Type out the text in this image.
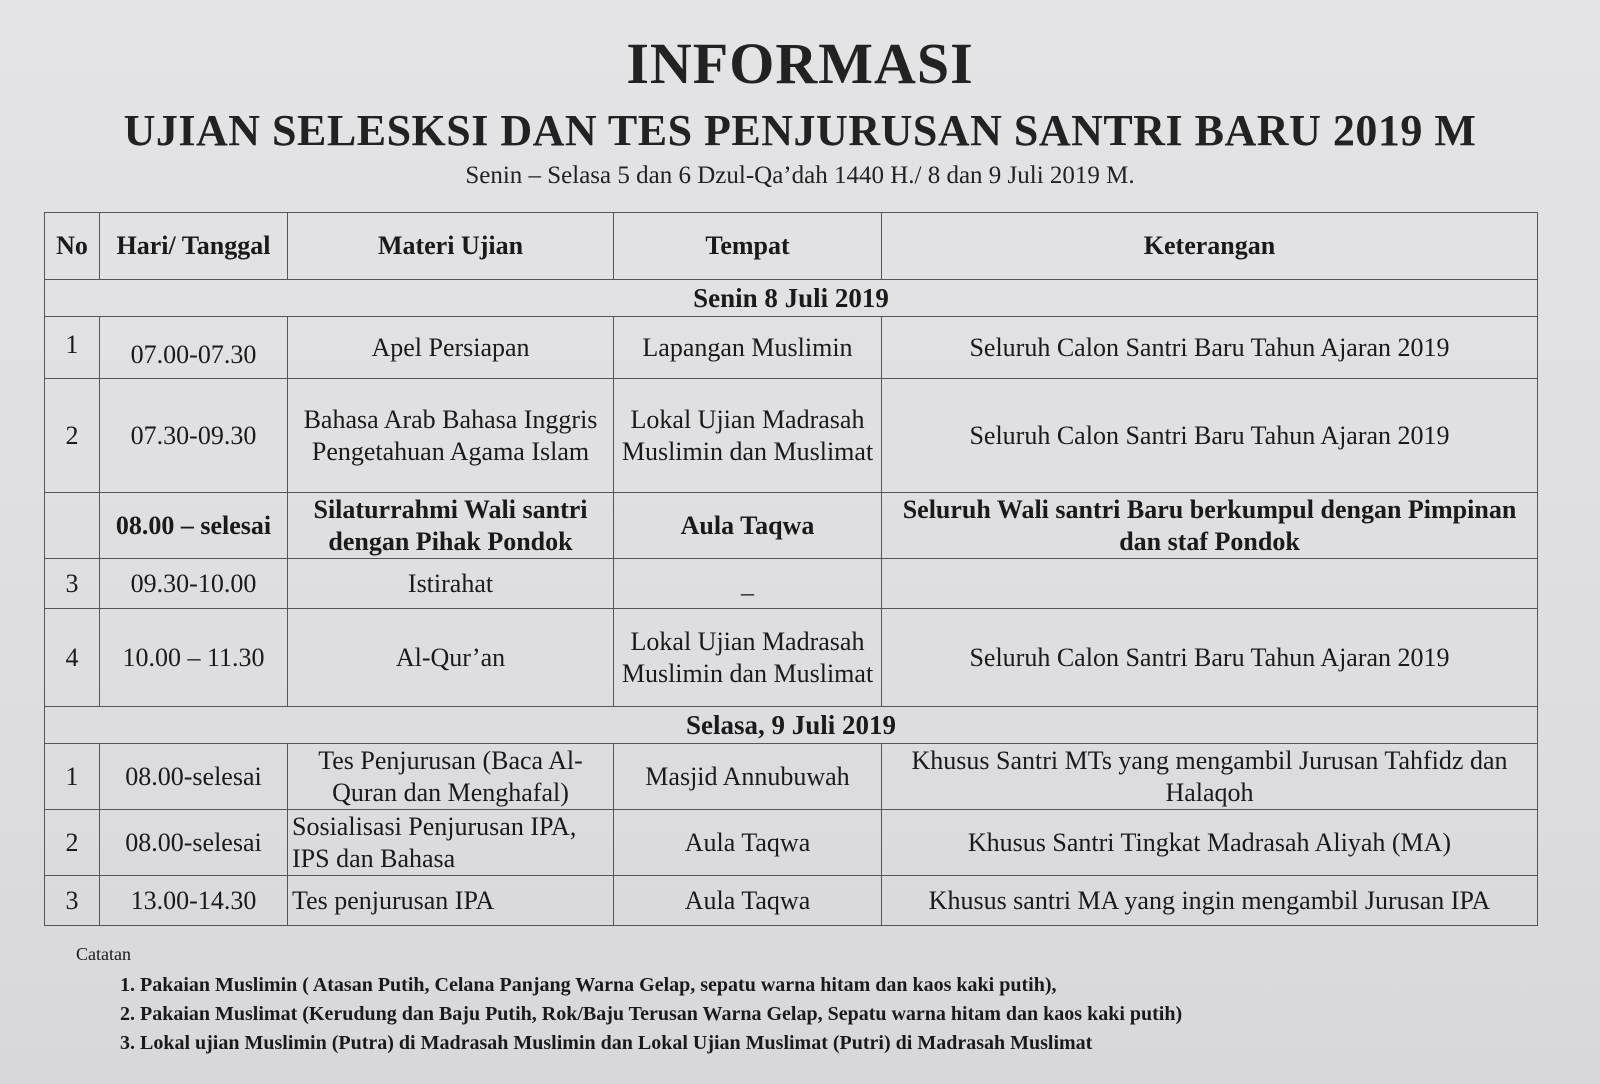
INFORMASI
UJIAN SELESKSI DAN TES PENJURUSAN SANTRI BARU 2019 M
Senin – Selasa 5 dan 6 Dzul-Qa’dah 1440 H./ 8 dan 9 Juli 2019 M.
No	Hari/ Tanggal	Materi Ujian	Tempat	Keterangan
Senin 8 Juli 2019				
1	07.00-07.30	Apel Persiapan	Lapangan Muslimin	Seluruh Calon Santri Baru Tahun Ajaran 2019
2	07.30-09.30	Bahasa Arab Bahasa Inggris Pengetahuan Agama Islam	Lokal Ujian Madrasah Muslimin dan Muslimat	Seluruh Calon Santri Baru Tahun Ajaran 2019
	08.00 – selesai	Silaturrahmi Wali santri dengan Pihak Pondok	Aula Taqwa	Seluruh Wali santri Baru berkumpul dengan Pimpinan dan staf Pondok
3	09.30-10.00	Istirahat	_	
4	10.00 – 11.30	Al-Qur’an	Lokal Ujian Madrasah Muslimin dan Muslimat	Seluruh Calon Santri Baru Tahun Ajaran 2019
Selasa, 9 Juli 2019				
1	08.00-selesai	Tes Penjurusan (Baca Al-Quran dan Menghafal)	Masjid Annubuwah	Khusus Santri MTs yang mengambil Jurusan Tahfidz dan Halaqoh
2	08.00-selesai	Sosialisasi Penjurusan IPA, IPS dan Bahasa	Aula Taqwa	Khusus Santri Tingkat Madrasah Aliyah (MA)
3	13.00-14.30	Tes penjurusan IPA	Aula Taqwa	Khusus santri MA yang ingin mengambil Jurusan IPA
Catatan
1. Pakaian Muslimin ( Atasan Putih, Celana Panjang Warna Gelap, sepatu warna hitam dan kaos kaki putih),
2. Pakaian Muslimat (Kerudung dan Baju Putih, Rok/Baju Terusan Warna Gelap, Sepatu warna hitam dan kaos kaki putih)
3. Lokal ujian Muslimin (Putra) di Madrasah Muslimin dan Lokal Ujian Muslimat (Putri) di Madrasah Muslimat
